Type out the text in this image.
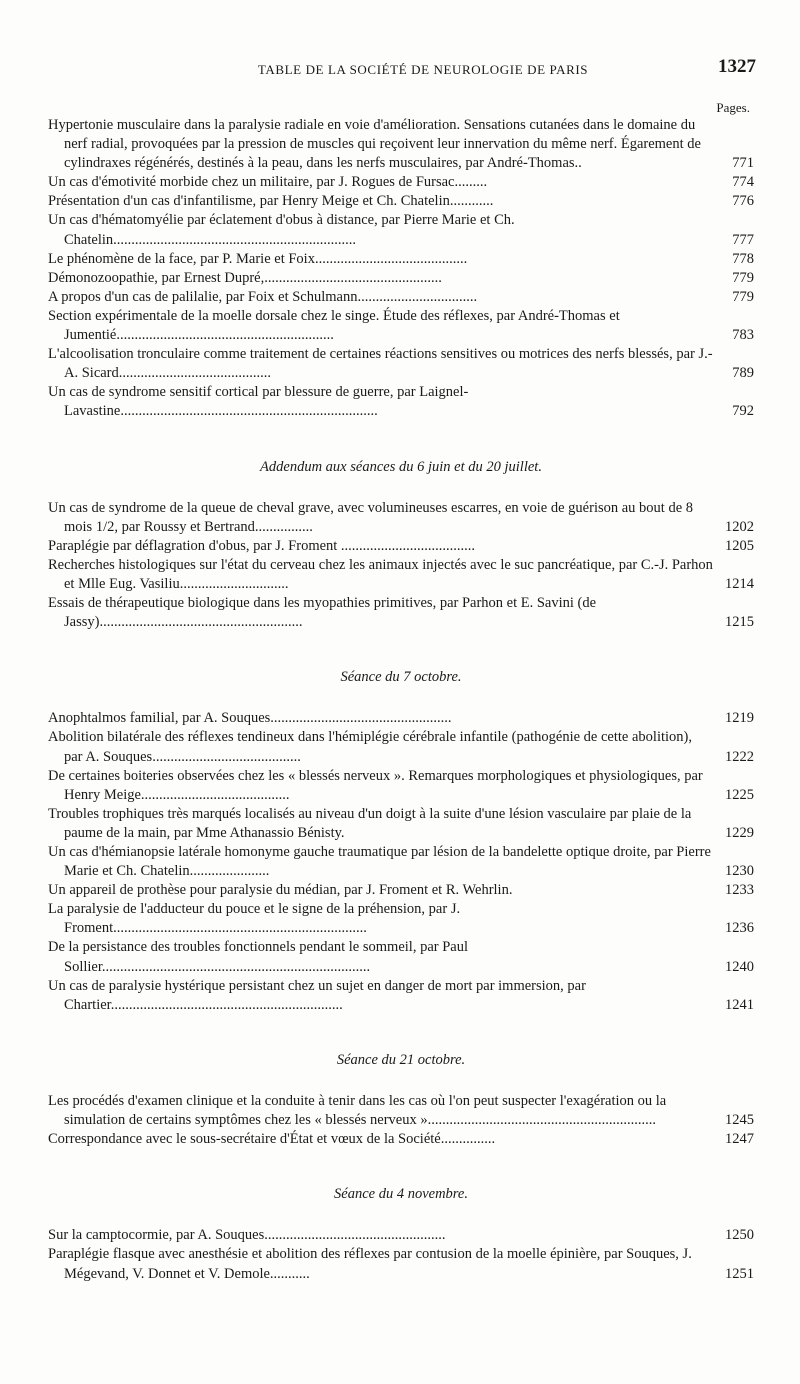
TABLE DE LA SOCIÉTÉ DE NEUROLOGIE DE PARIS	1327
Pages.

Hypertonie musculaire dans la paralysie radiale en voie d'amélioration. Sensations cutanées dans le domaine du nerf radial, provoquées par la pression de muscles qui reçoivent leur innervation du même nerf. Égarement de cylindraxes régénérés, destinés à la peau, dans les nerfs musculaires, par André-Thomas..	771

Un cas d'émotivité morbide chez un militaire, par J. Rogues de Fursac.........	774

Présentation d'un cas d'infantilisme, par Henry Meige et Ch. Chatelin............	776

Un cas d'hématomyélie par éclatement d'obus à distance, par Pierre Marie et Ch. Chatelin...................................................................	777

Le phénomène de la face, par P. Marie et Foix..........................................	778

Démonozoopathie, par Ernest Dupré,.................................................	779

A propos d'un cas de palilalie, par Foix et Schulmann.................................	779

Section expérimentale de la moelle dorsale chez le singe. Étude des réflexes, par André-Thomas et Jumentié............................................................	783

L'alcoolisation tronculaire comme traitement de certaines réactions sensitives ou motrices des nerfs blessés, par J.-A. Sicard..........................................	789

Un cas de syndrome sensitif cortical par blessure de guerre, par Laignel-Lavastine.......................................................................	792

Addendum aux séances du 6 juin et du 20 juillet.

Un cas de syndrome de la queue de cheval grave, avec volumineuses escarres, en voie de guérison au bout de 8 mois 1/2, par Roussy et Bertrand................	1202

Paraplégie par déflagration d'obus, par J. Froment .....................................	1205

Recherches histologiques sur l'état du cerveau chez les animaux injectés avec le suc pancréatique, par C.-J. Parhon et Mlle Eug. Vasiliu..............................	1214

Essais de thérapeutique biologique dans les myopathies primitives, par Parhon et E. Savini (de Jassy)........................................................	1215

Séance du 7 octobre.

Anophtalmos familial, par A. Souques..................................................	1219

Abolition bilatérale des réflexes tendineux dans l'hémiplégie cérébrale infantile (pathogénie de cette abolition), par A. Souques.........................................	1222

De certaines boiteries observées chez les « blessés nerveux ». Remarques morphologiques et physiologiques, par Henry Meige.........................................	1225

Troubles trophiques très marqués localisés au niveau d'un doigt à la suite d'une lésion vasculaire par plaie de la paume de la main, par Mme Athanassio Bénisty.	1229

Un cas d'hémianopsie latérale homonyme gauche traumatique par lésion de la bandelette optique droite, par Pierre Marie et Ch. Chatelin......................	1230

Un appareil de prothèse pour paralysie du médian, par J. Froment et R. Wehrlin.	1233

La paralysie de l'adducteur du pouce et le signe de la préhension, par J. Froment......................................................................	1236

De la persistance des troubles fonctionnels pendant le sommeil, par Paul Sollier..........................................................................	1240

Un cas de paralysie hystérique persistant chez un sujet en danger de mort par immersion, par Chartier................................................................	1241

Séance du 21 octobre.

Les procédés d'examen clinique et la conduite à tenir dans les cas où l'on peut suspecter l'exagération ou la simulation de certains symptômes chez les « blessés nerveux »...............................................................	1245

Correspondance avec le sous-secrétaire d'État et vœux de la Société...............	1247

Séance du 4 novembre.

Sur la camptocormie, par A. Souques..................................................	1250

Paraplégie flasque avec anesthésie et abolition des réflexes par contusion de la moelle épinière, par Souques, J. Mégevand, V. Donnet et V. Demole...........	1251
